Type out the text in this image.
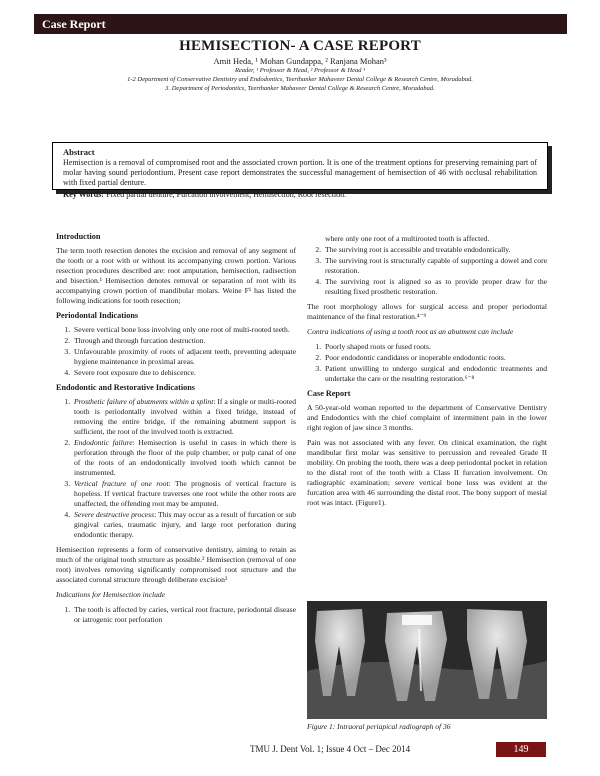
Case Report
HEMISECTION- A CASE REPORT
Amit Heda, ¹ Mohan Gundappa, ² Ranjana Mohan³
Reader, ¹ Professor & Head, ² Professor & Head ³
1-2 Department of Conservative Dentistry and Endodontics, Teerthanker Mahaveer Dental College & Research Centre, Moradabad.
3. Department of Periodontics, Teerthanker Mahaveer Dental College & Research Centre, Moradabad.
Abstract

Hemisection is a removal of compromised root and the associated crown portion. It is one of the treatment options for preserving remaining part of molar having sound periodontium. Present case report demonstrates the successful management of hemisection of 46 with occlusal rehabilitation with fixed partial denture.

Key Words: Fixed partial denture, Furcation involvement, Hemisection, Root resection.

Introduction
The term tooth resection denotes the excision and removal of any segment of the tooth or a root with or without its accompanying crown portion. Various resection procedures described are: root amputation, hemisection, radisection and bisection.¹ Hemisection denotes removal or separation of root with its accompanying crown portion of mandibular molars. Weine F¹ has listed the following indications for tooth resection;
Periodontal Indications
1. Severe vertical bone loss involving only one root of multi-rooted teeth.
2. Through and through furcation destruction.
3. Unfavourable proximity of roots of adjacent teeth, preventing adequate hygiene maintenance in proximal areas.
4. Severe root exposure due to dehiscence.
Endodontic and Restorative Indications
1. Prosthetic failure of abutments within a splint: If a single or multi-rooted tooth is periodontally involved within a fixed bridge, instead of removing the entire bridge, if the remaining abutment support is sufficient, the root of the involved tooth is extracted.
2. Endodontic failure: Hemisection is useful in cases in which there is perforation through the floor of the pulp chamber, or pulp canal of one of the roots of an endodontically involved tooth which cannot be instrumented.
3. Vertical fracture of one root: The prognosis of vertical fracture is hopeless. If vertical fracture traverses one root while the other roots are unaffected, the offending root may be amputed.
4. Severe destructive process: This may occur as a result of furcation or sub gingival caries, traumatic injury, and large root perforation during endodontic therapy.
Hemisection represents a form of conservative dentistry, aiming to retain as much of the original tooth structure as possible.² Hemisection (removal of one root) involves removing significantly compromised root structure and the associated coronal structure through deliberate excision³
Indications for Hemisection include
1. The tooth is affected by caries, vertical root fracture, periodontal disease or iatrogenic root perforation
where only one root of a multirooted tooth is affected.
2. The surviving root is accessible and treatable endodontically.
3. The surviving root is structurally capable of supporting a dowel and core restoration.
4. The surviving root is aligned so as to provide proper draw for the resulting fixed prosthetic restoration.
The root morphology allows for surgical access and proper periodontal maintenance of the final restoration.⁴⁻⁹
Contra indications of using a tooth root as an abutment can include
1. Poorly shaped roots or fused roots.
2. Poor endodontic candidates or inoperable endodontic roots.
3. Patient unwilling to undergo surgical and endodontic treatments and undertake the care or the resulting restoration.⁶⁻⁸
Case Report
A 50-year-old woman reported to the department of Conservative Dentistry and Endodontics with the chief complaint of intermittent pain in the lower right region of jaw since 3 months.
Pain was not associated with any fever. On clinical examination, the right mandibular first molar was sensitive to percussion and revealed Grade II mobility. On probing the tooth, there was a deep periodontal pocket in relation to the distal root of the tooth with a Class II furcation involvement. On radiographic examination; severe vertical bone loss was evident at the furcation area with 46 surrounding the distal root. The bony support of mesial root was intact. (Figure1).
Figure 1: Intraoral periapical radiograph of 36
TMU J. Dent Vol. 1; Issue 4 Oct – Dec 2014	149
